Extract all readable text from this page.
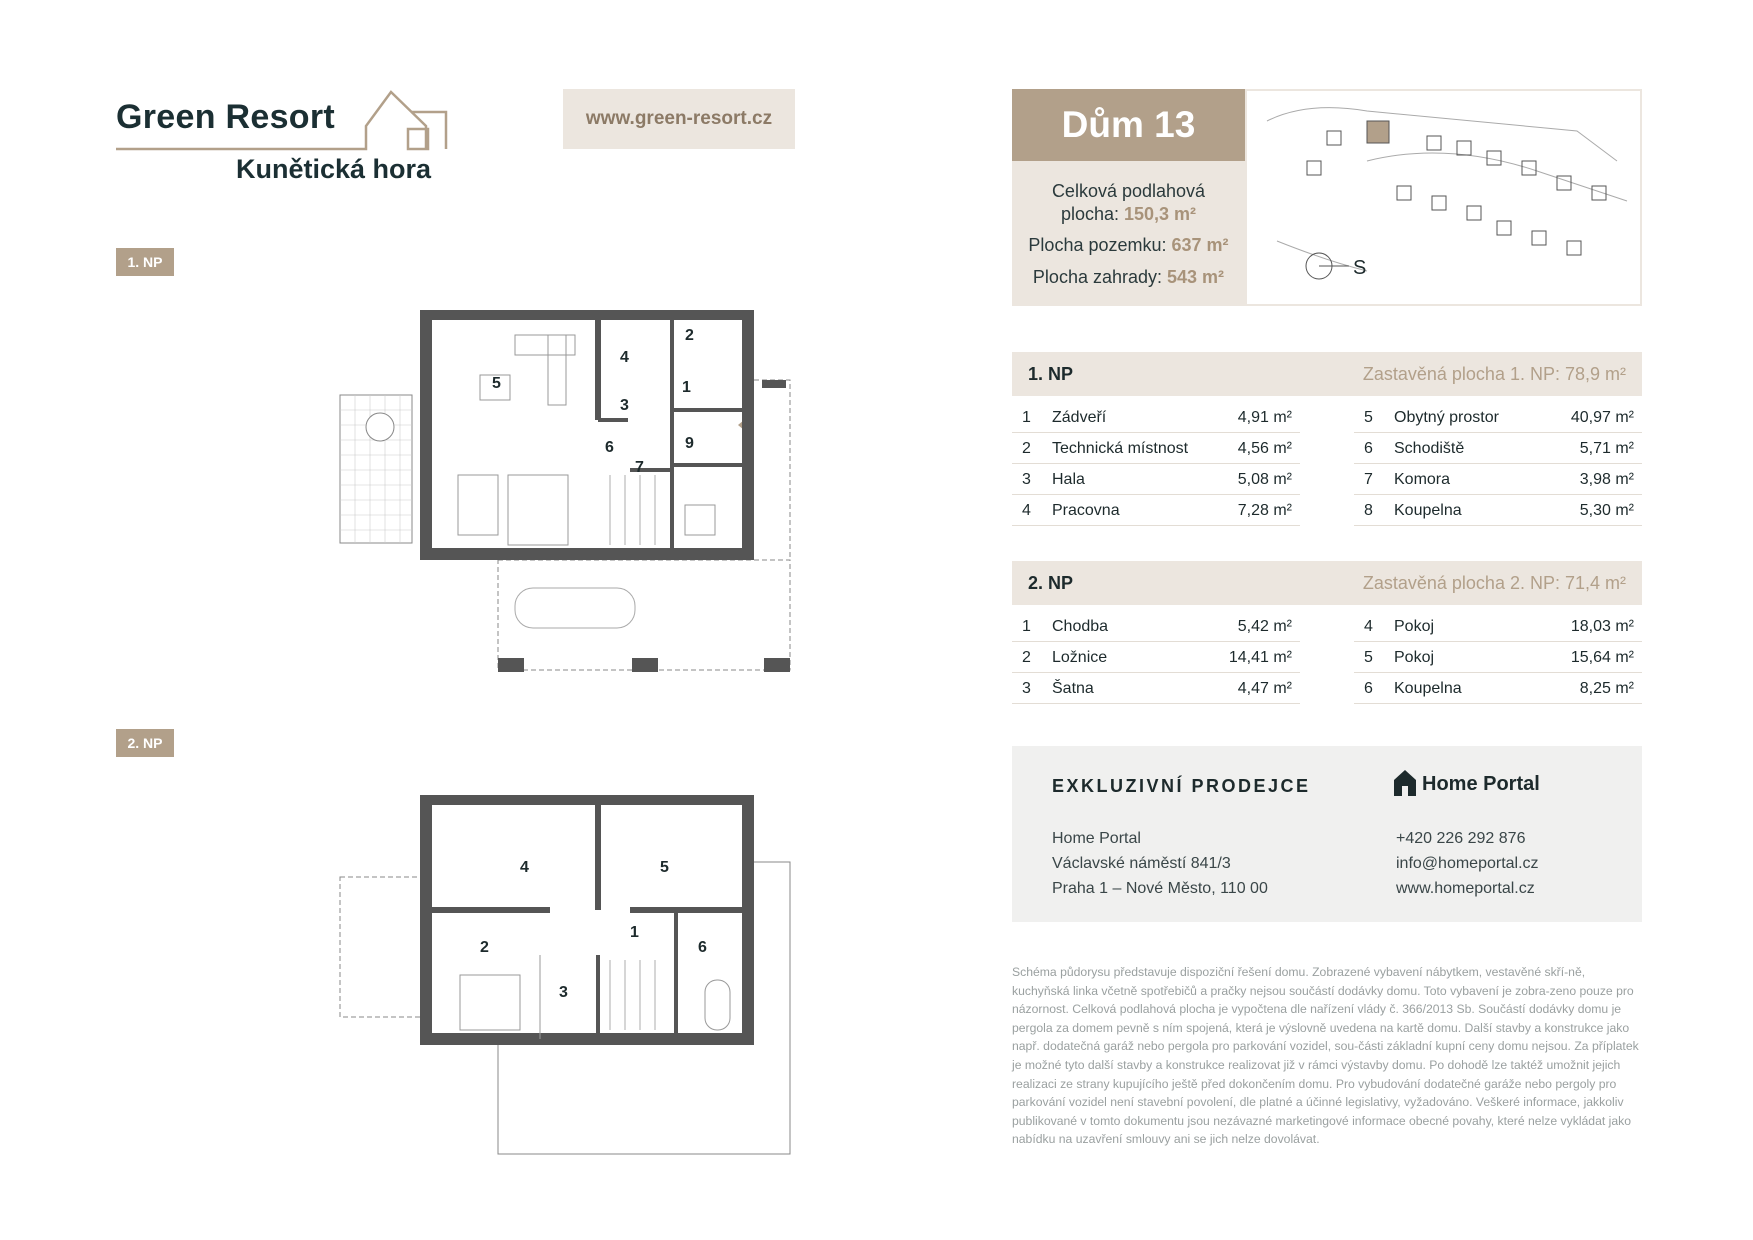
Green Resort
Kunětická hora
www.green-resort.cz
1. NP
2. NP
5
4
2
1
3
6
7
9
4	5
1
2
3
6
Dům 13
Celková podlahová
plocha: 150,3 m²
Plocha pozemku: 637 m²
Plocha zahrady: 543 m²	S
1. NP	Zastavěná plocha 1. NP: 78,9 m²
1 Zádveří	4,91 m²
2 Technická místnost	4,56 m²
3 Hala	5,08 m²
4 Pracovna	7,28 m²
5 Obytný prostor	40,97 m²
6 Schodiště	5,71 m²
7 Komora	3,98 m²
8 Koupelna	5,30 m²
2. NP	Zastavěná plocha 2. NP: 71,4 m²
1 Chodba	5,42 m²
2 Ložnice	14,41 m²
3 Šatna	4,47 m²
4 Pokoj	18,03 m²
5 Pokoj	15,64 m²
6 Koupelna	8,25 m²
EXKLUZIVNÍ PRODEJCE	Home Portal
Home Portal
Václavské náměstí 841/3
Praha 1 – Nové Město, 110 00
+420 226 292 876
info@homeportal.cz
www.homeportal.cz
Schéma půdorysu představuje dispoziční řešení domu. Zobrazené vybavení nábytkem, vestavěné skří-ně, kuchyňská linka včetně spotřebičů a pračky nejsou součástí dodávky domu. Toto vybavení je zobra-zeno pouze pro názornost. Celková podlahová plocha je vypočtena dle nařízení vlády č. 366/2013 Sb. Součástí dodávky domu je pergola za domem pevně s ním spojená, která je výslovně uvedena na kartě domu. Další stavby a konstrukce jako např. dodatečná garáž nebo pergola pro parkování vozidel, sou-části základní kupní ceny domu nejsou. Za příplatek je možné tyto další stavby a konstrukce realizovat již v rámci výstavby domu. Po dohodě lze taktéž umožnit jejich realizaci ze strany kupujícího ještě před dokončením domu. Pro vybudování dodatečné garáže nebo pergoly pro parkování vozidel není stavební povolení, dle platné a účinné legislativy, vyžadováno. Veškeré informace, jakkoliv publikované v tomto dokumentu jsou nezávazné marketingové informace obecné povahy, které nelze vykládat jako nabídku na uzavření smlouvy ani se jich nelze dovolávat.
